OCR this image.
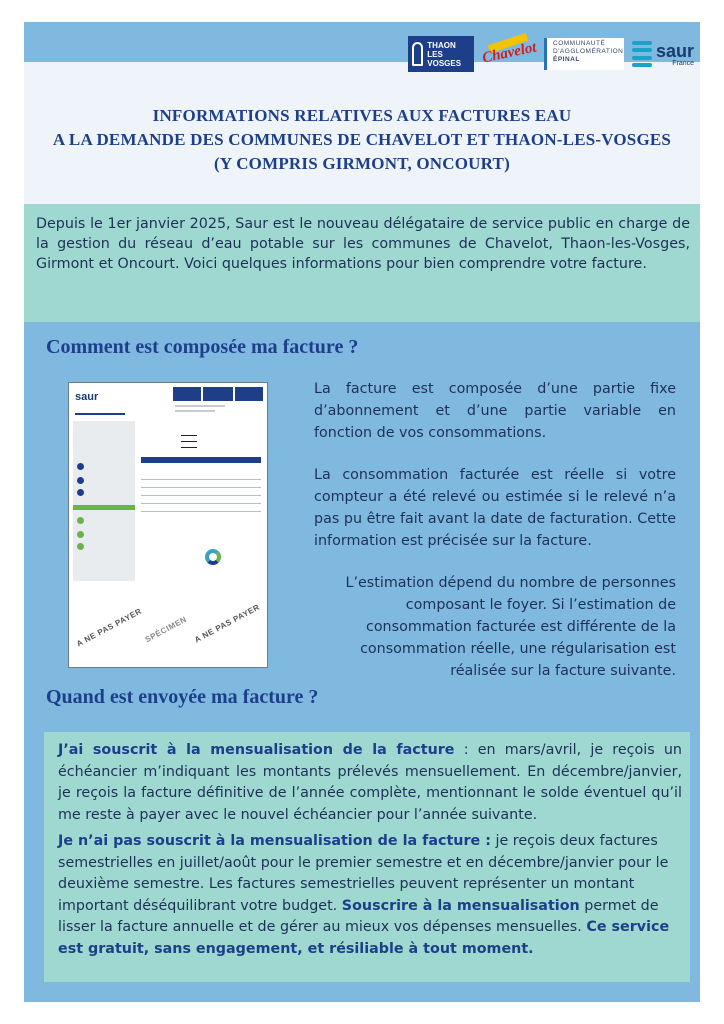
INFORMATIONS RELATIVES AUX FACTURES EAU
A LA DEMANDE DES COMMUNES DE CHAVELOT ET THAON-LES-VOSGES
(Y COMPRIS GIRMONT, ONCOURT)
THAON LES VOSGES	Chavelot COMMUNAUTÉ
D'AGGLOMÉRATION
ÉPINAL	saur
France

Depuis le 1er janvier 2025, Saur est le nouveau délégataire de service public en charge de la gestion du réseau d’eau potable sur les communes de Chavelot, Thaon-les-Vosges, Girmont et Oncourt. Voici quelques informations pour bien comprendre votre facture.

Comment est composée ma facture ?
saur
A NE PAS PAYER SPÉCIMEN A NE PAS PAYER

La facture est composée d’une partie fixe d’abonnement et d’une partie variable en fonction de vos consommations.

La consommation facturée est réelle si votre compteur a été relevé ou estimée si le relevé n’a pas pu être fait avant la date de facturation. Cette information est précisée sur la facture.

L’estimation dépend du nombre de personnes composant le foyer. Si l’estimation de consommation facturée est différente de la consommation réelle, une régularisation est réalisée sur la facture suivante.

Quand est envoyée ma facture ?

J’ai souscrit à la mensualisation de la facture : en mars/avril, je reçois un échéancier m’indiquant les montants prélevés mensuellement. En décembre/janvier, je reçois la facture définitive de l’année complète, mentionnant le solde éventuel qu’il me reste à payer avec le nouvel échéancier pour l’année suivante.

Je n’ai pas souscrit à la mensualisation de la facture : je reçois deux factures semestrielles en juillet/août pour le premier semestre et en décembre/janvier pour le deuxième semestre. Les factures semestrielles peuvent représenter un montant important déséquilibrant votre budget. Souscrire à la mensualisation permet de lisser la facture annuelle et de gérer au mieux vos dépenses mensuelles. Ce service est gratuit, sans engagement, et résiliable à tout moment.
